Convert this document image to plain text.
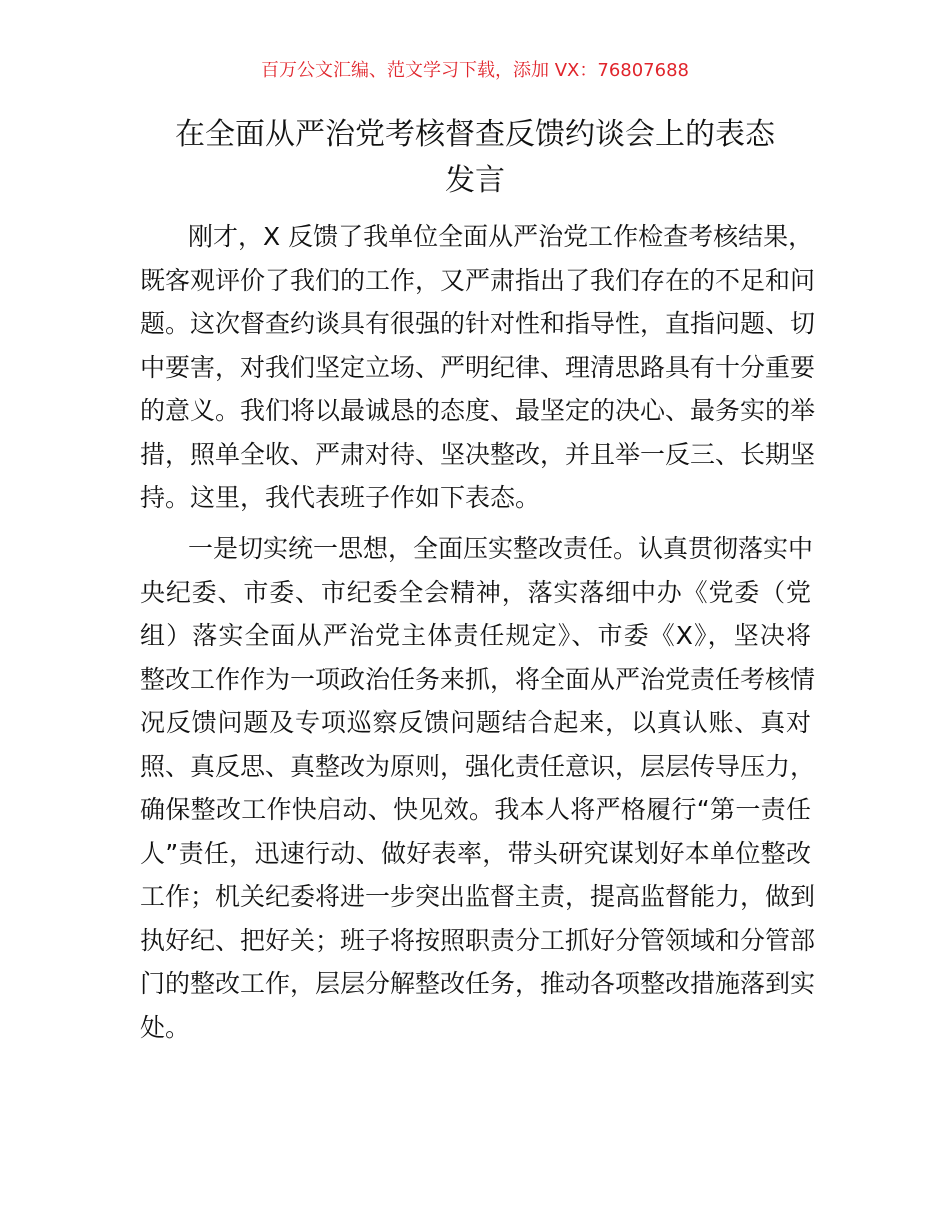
百万公文汇编、范文学习下载，添加 VX：76807688
在全面从严治党考核督查反馈约谈会上的表态
发言
刚才，X 反馈了我单位全面从严治党工作检查考核结果，
既客观评价了我们的工作，又严肃指出了我们存在的不足和问
题。这次督查约谈具有很强的针对性和指导性，直指问题、切
中要害，对我们坚定立场、严明纪律、理清思路具有十分重要
的意义。我们将以最诚恳的态度、最坚定的决心、最务实的举
措，照单全收、严肃对待、坚决整改，并且举一反三、长期坚
持。这里，我代表班子作如下表态。
一是切实统一思想，全面压实整改责任。认真贯彻落实中
央纪委、市委、市纪委全会精神，落实落细中办《党委（党
组）落实全面从严治党主体责任规定》、市委《X》，坚决将
整改工作作为一项政治任务来抓，将全面从严治党责任考核情
况反馈问题及专项巡察反馈问题结合起来，以真认账、真对
照、真反思、真整改为原则，强化责任意识，层层传导压力，
确保整改工作快启动、快见效。我本人将严格履行“第一责任
人”责任，迅速行动、做好表率，带头研究谋划好本单位整改
工作；机关纪委将进一步突出监督主责，提高监督能力，做到
执好纪、把好关；班子将按照职责分工抓好分管领域和分管部
门的整改工作，层层分解整改任务，推动各项整改措施落到实
处。
